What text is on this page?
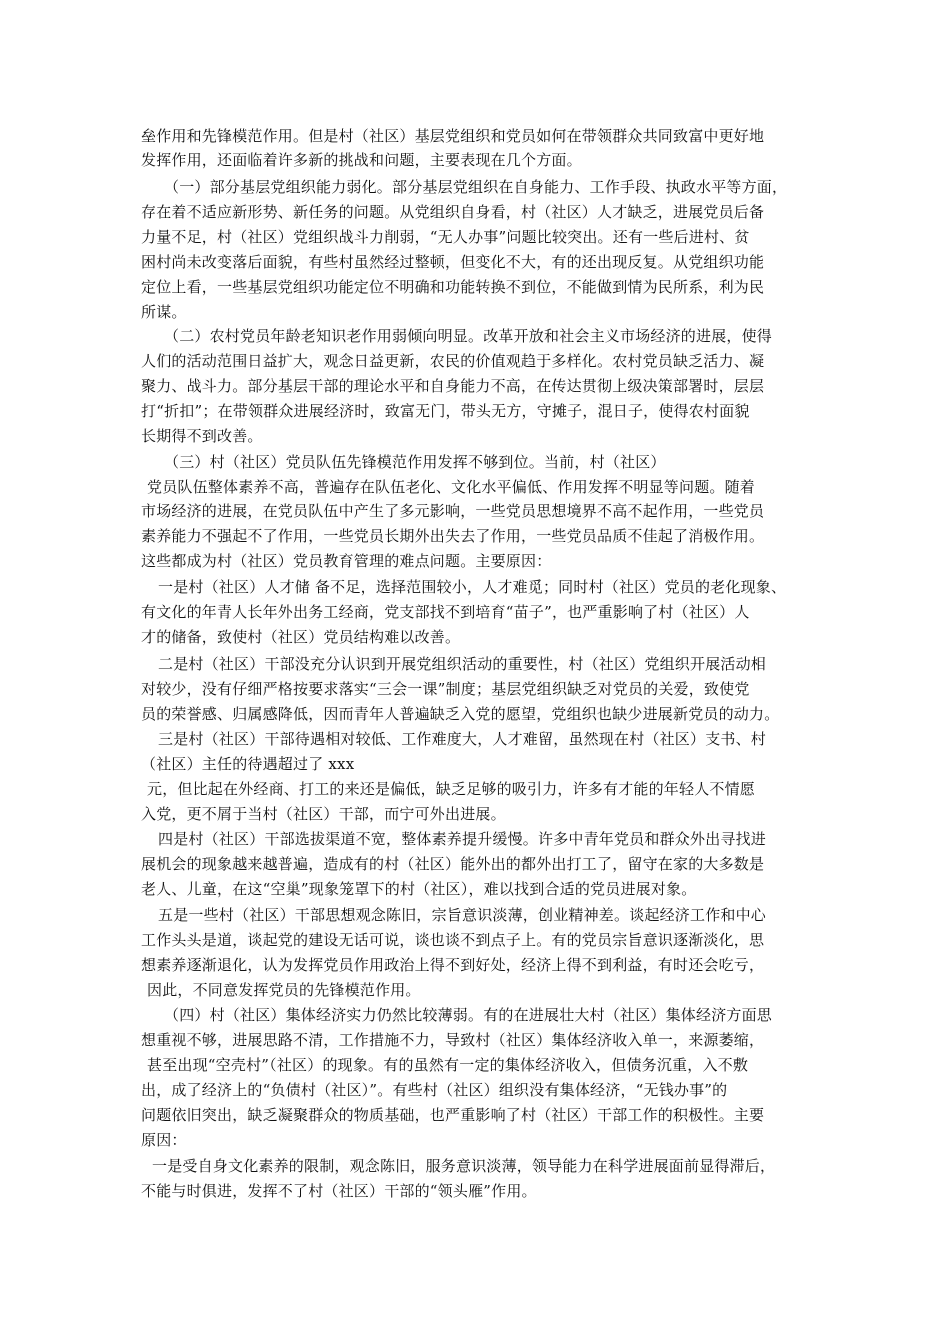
垒作用和先锋模范作用。但是村（社区）基层党组织和党员如何在带领群众共同致富中更好地
发挥作用，还面临着许多新的挑战和问题，主要表现在几个方面。
（一）部分基层党组织能力弱化。部分基层党组织在自身能力、工作手段、执政水平等方面，
存在着不适应新形势、新任务的问题。从党组织自身看，村（社区）人才缺乏，进展党员后备
力量不足，村（社区）党组织战斗力削弱，“无人办事”问题比较突出。还有一些后进村、贫
困村尚未改变落后面貌，有些村虽然经过整顿，但变化不大，有的还出现反复。从党组织功能
定位上看，一些基层党组织功能定位不明确和功能转换不到位，不能做到情为民所系，利为民
所谋。
（二）农村党员年龄老知识老作用弱倾向明显。改革开放和社会主义市场经济的进展，使得
人们的活动范围日益扩大，观念日益更新，农民的价值观趋于多样化。农村党员缺乏活力、凝
聚力、战斗力。部分基层干部的理论水平和自身能力不高，在传达贯彻上级决策部署时，层层
打“折扣”；在带领群众进展经济时，致富无门，带头无方，守摊子，混日子，使得农村面貌
长期得不到改善。
（三）村（社区）党员队伍先锋模范作用发挥不够到位。当前，村（社区）
党员队伍整体素养不高，普遍存在队伍老化、文化水平偏低、作用发挥不明显等问题。随着
市场经济的进展，在党员队伍中产生了多元影响，一些党员思想境界不高不起作用，一些党员
素养能力不强起不了作用，一些党员长期外出失去了作用，一些党员品质不佳起了消极作用。
这些都成为村（社区）党员教育管理的难点问题。主要原因：
一是村（社区）人才储 备不足，选择范围较小，人才难觅；同时村（社区）党员的老化现象、
有文化的年青人长年外出务工经商，党支部找不到培育“苗子”，也严重影响了村（社区）人
才的储备，致使村（社区）党员结构难以改善。
二是村（社区）干部没充分认识到开展党组织活动的重要性，村（社区）党组织开展活动相
对较少，没有仔细严格按要求落实“三会一课”制度；基层党组织缺乏对党员的关爱，致使党
员的荣誉感、归属感降低，因而青年人普遍缺乏入党的愿望，党组织也缺少进展新党员的动力。
三是村（社区）干部待遇相对较低、工作难度大，人才难留，虽然现在村（社区）支书、村
（社区）主任的待遇超过了 xxx
元，但比起在外经商、打工的来还是偏低，缺乏足够的吸引力，许多有才能的年轻人不情愿
入党，更不屑于当村（社区）干部，而宁可外出进展。
四是村（社区）干部选拔渠道不宽，整体素养提升缓慢。许多中青年党员和群众外出寻找进
展机会的现象越来越普遍，造成有的村（社区）能外出的都外出打工了，留守在家的大多数是
老人、儿童，在这“空巢”现象笼罩下的村（社区），难以找到合适的党员进展对象。
五是一些村（社区）干部思想观念陈旧，宗旨意识淡薄，创业精神差。谈起经济工作和中心
工作头头是道，谈起党的建设无话可说，谈也谈不到点子上。有的党员宗旨意识逐渐淡化，思
想素养逐渐退化，认为发挥党员作用政治上得不到好处，经济上得不到利益，有时还会吃亏，
因此，不同意发挥党员的先锋模范作用。
（四）村（社区）集体经济实力仍然比较薄弱。有的在进展壮大村（社区）集体经济方面思
想重视不够，进展思路不清，工作措施不力，导致村（社区）集体经济收入单一，来源萎缩，
甚至出现“空壳村”（社区）的现象。有的虽然有一定的集体经济收入，但债务沉重，入不敷
出，成了经济上的“负债村（社区）”。有些村（社区）组织没有集体经济，“无钱办事”的
问题依旧突出，缺乏凝聚群众的物质基础，也严重影响了村（社区）干部工作的积极性。主要
原因：
一是受自身文化素养的限制，观念陈旧，服务意识淡薄，领导能力在科学进展面前显得滞后，
不能与时俱进，发挥不了村（社区）干部的“领头雁”作用。
